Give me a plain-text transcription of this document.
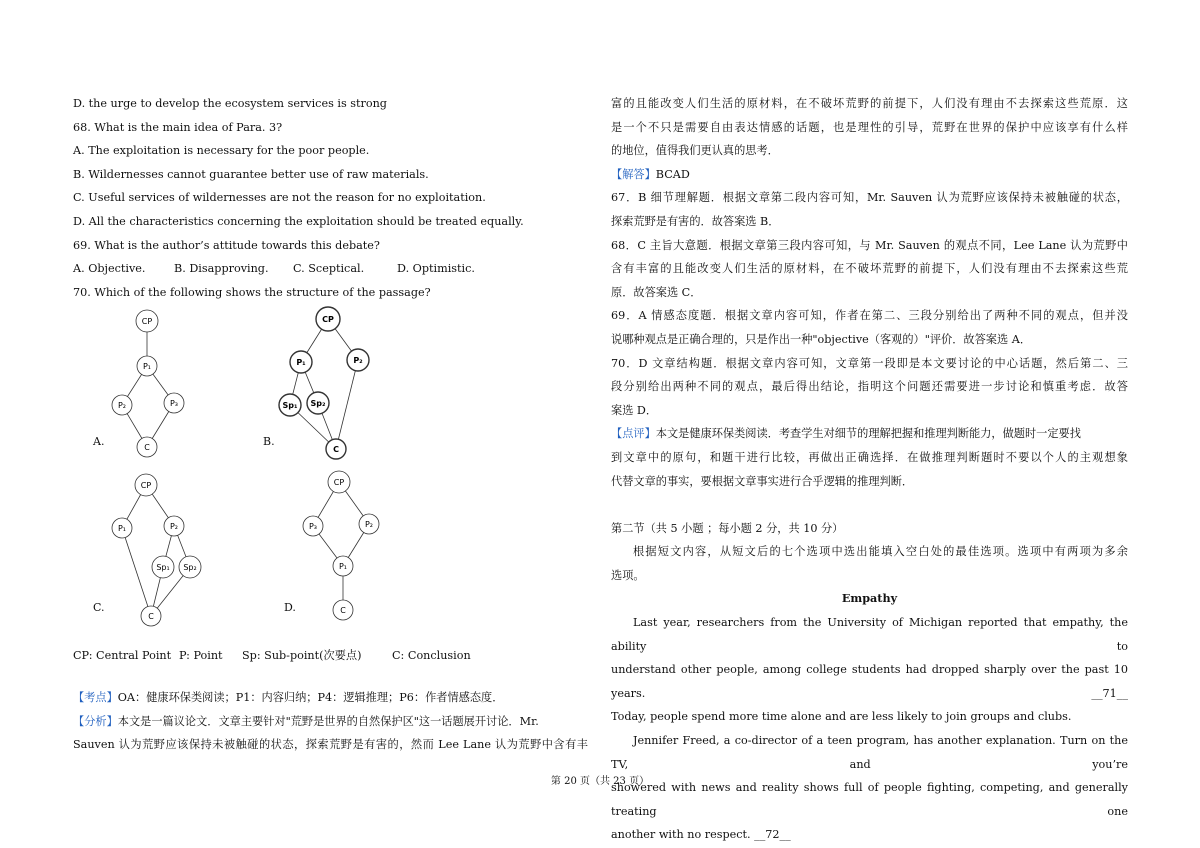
D. the urge to develop the ecosystem services is strong

68. What is the main idea of Para. 3?

A. The exploitation is necessary for the poor people.

B. Wildernesses cannot guarantee better use of raw materials.

C. Useful services of wildernesses are not the reason for no exploitation.

D. All the characteristics concerning the exploitation should be treated equally.

69. What is the author’s attitude towards this debate?

A. Objective.	B. Disapproving.	C. Sceptical.	D. Optimistic.

70. Which of the following shows the structure of the passage?

CP
P₁
P₂	P₃
C
CP
P₁	P₂
Sp₁ Sp₂
C
CP
P₁	P₂
Sp₁ Sp₂
C
CP
P₃	P₂
P₁
C
A.	B.
C.	D.
CP: Central Point P: Point	Sp: Sub-point(次要点)	C: Conclusion

【考点】OA：健康环保类阅读；P1：内容归纳；P4：逻辑推理；P6：作者情感态度．

【分析】本文是一篇议论文．文章主要针对"荒野是世界的自然保护区"这一话题展开讨论．Mr.

Sauven 认为荒野应该保持未被触碰的状态，探索荒野是有害的，然而 Lee Lane 认为荒野中含有丰

富的且能改变人们生活的原材料，在不破坏荒野的前提下，人们没有理由不去探索这些荒原．这

是一个不只是需要自由表达情感的话题，也是理性的引导，荒野在世界的保护中应该享有什么样

的地位，值得我们更认真的思考．

【解答】BCAD

67．B 细节理解题．根据文章第二段内容可知，Mr. Sauven 认为荒野应该保持未被触碰的状态，

探索荒野是有害的．故答案选 B．

68．C 主旨大意题．根据文章第三段内容可知，与 Mr. Sauven 的观点不同，Lee Lane 认为荒野中

含有丰富的且能改变人们生活的原材料，在不破坏荒野的前提下，人们没有理由不去探索这些荒

原．故答案选 C．

69．A 情感态度题．根据文章内容可知，作者在第二、三段分别给出了两种不同的观点，但并没

说哪种观点是正确合理的，只是作出一种"objective（客观的）"评价．故答案选 A．

70．D 文章结构题．根据文章内容可知，文章第一段即是本文要讨论的中心话题，然后第二、三

段分别给出两种不同的观点，最后得出结论，指明这个问题还需要进一步讨论和慎重考虑．故答

案选 D．

【点评】本文是健康环保类阅读．考查学生对细节的理解把握和推理判断能力，做题时一定要找

到文章中的原句，和题干进行比较，再做出正确选择．在做推理判断题时不要以个人的主观想象

代替文章的事实，要根据文章事实进行合乎逻辑的推理判断．

第二节（共 5 小题 ；每小题 2 分，共 10 分）

根据短文内容，从短文后的七个选项中选出能填入空白处的最佳选项。选项中有两项为多余

选项。

Empathy

Last year, researchers from the University of Michigan reported that empathy, the ability to

understand other people, among college students had dropped sharply over the past 10 years. __71__

Today, people spend more time alone and are less likely to join groups and clubs.

Jennifer Freed, a co-director of a teen program, has another explanation. Turn on the TV, and you’re

showered with news and reality shows full of people fighting, competing, and generally treating one

another with no respect. __72__

第 20 页（共 23 页）
